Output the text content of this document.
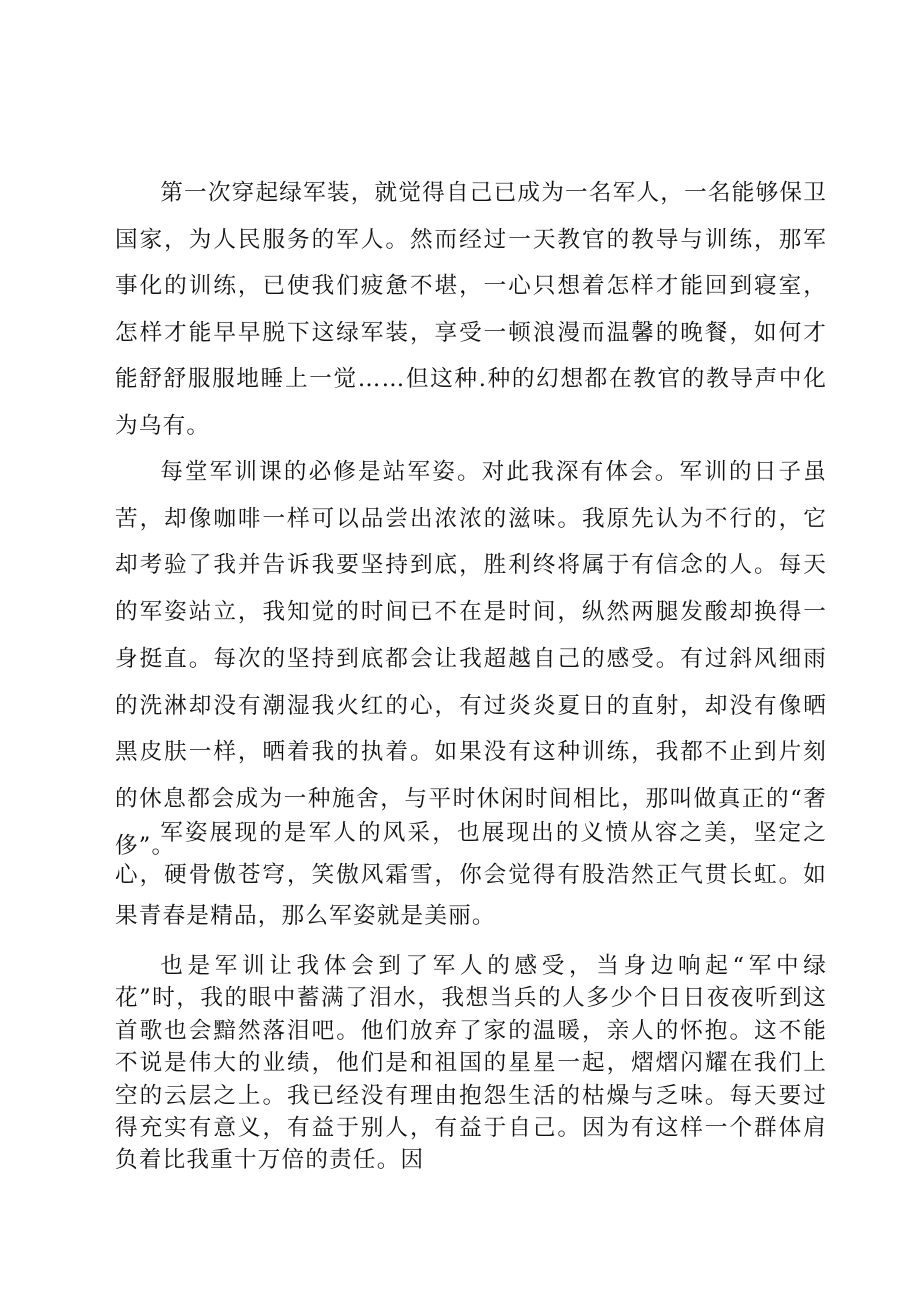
第一次穿起绿军装，就觉得自己已成为一名军人，一名能够保卫国家，为人民服务的军人。然而经过一天教官的教导与训练，那军事化的训练，已使我们疲惫不堪，一心只想着怎样才能回到寝室，怎样才能早早脱下这绿军装，享受一顿浪漫而温馨的晚餐，如何才能舒舒服服地睡上一觉……但这种.种的幻想都在教官的教导声中化为乌有。

每堂军训课的必修是站军姿。对此我深有体会。军训的日子虽苦，却像咖啡一样可以品尝出浓浓的滋味。我原先认为不行的，它却考验了我并告诉我要坚持到底，胜利终将属于有信念的人。每天的军姿站立，我知觉的时间已不在是时间，纵然两腿发酸却换得一身挺直。每次的坚持到底都会让我超越自己的感受。有过斜风细雨的洗淋却没有潮湿我火红的心，有过炎炎夏日的直射，却没有像晒黑皮肤一样，晒着我的执着。如果没有这种训练，我都不止到片刻的休息都会成为一种施舍，与平时休闲时间相比，那叫做真正的“奢侈”。

军姿展现的是军人的风采，也展现出的义愤从容之美，坚定之心，硬骨傲苍穹，笑傲风霜雪，你会觉得有股浩然正气贯长虹。如果青春是精品，那么军姿就是美丽。

也是军训让我体会到了军人的感受，当身边响起“军中绿花”时，我的眼中蓄满了泪水，我想当兵的人多少个日日夜夜听到这首歌也会黯然落泪吧。他们放弃了家的温暖，亲人的怀抱。这不能不说是伟大的业绩，他们是和祖国的星星一起，熠熠闪耀在我们上空的云层之上。我已经没有理由抱怨生活的枯燥与乏味。每天要过得充实有意义，有益于别人，有益于自己。因为有这样一个群体肩负着比我重十万倍的责任。因
